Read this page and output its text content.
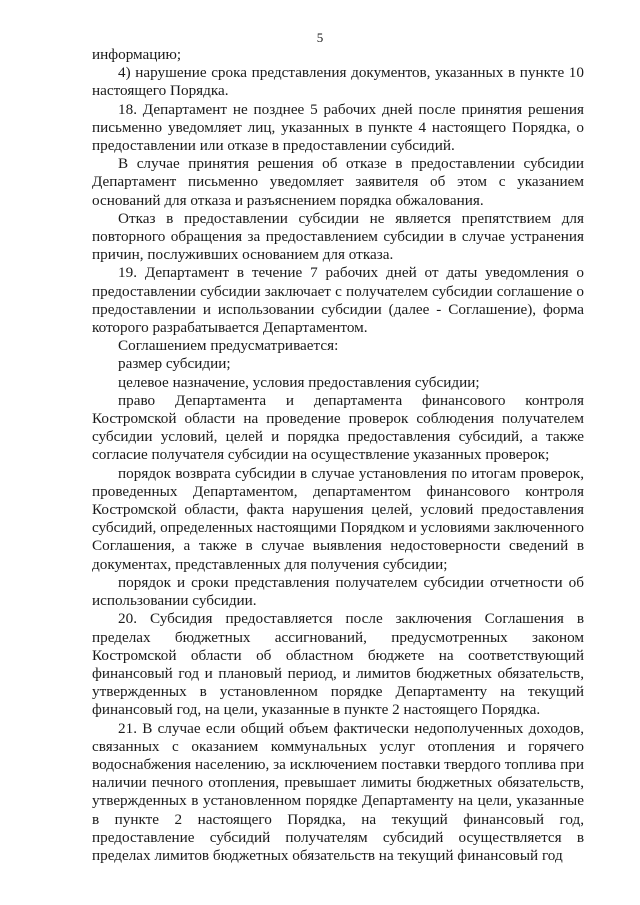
5

информацию;

4) нарушение срока представления документов, указанных в пункте 10 настоящего Порядка.

18. Департамент не позднее 5 рабочих дней после принятия решения письменно уведомляет лиц, указанных в пункте 4 настоящего Порядка, о предоставлении или отказе в предоставлении субсидий.

В случае принятия решения об отказе в предоставлении субсидии Департамент письменно уведомляет заявителя об этом с указанием оснований для отказа и разъяснением порядка обжалования.

Отказ в предоставлении субсидии не является препятствием для повторного обращения за предоставлением субсидии в случае устранения причин, послуживших основанием для отказа.

19. Департамент в течение 7 рабочих дней от даты уведомления о предоставлении субсидии заключает с получателем субсидии соглашение о предоставлении и использовании субсидии (далее - Соглашение), форма которого разрабатывается Департаментом.

Соглашением предусматривается:

размер субсидии;

целевое назначение, условия предоставления субсидии;

право Департамента и департамента финансового контроля Костромской области на проведение проверок соблюдения получателем субсидии условий, целей и порядка предоставления субсидий, а также согласие получателя субсидии на осуществление указанных проверок;

порядок возврата субсидии в случае установления по итогам проверок, проведенных Департаментом, департаментом финансового контроля Костромской области, факта нарушения целей, условий предоставления субсидий, определенных настоящими Порядком и условиями заключенного Соглашения, а также в случае выявления недостоверности сведений в документах, представленных для получения субсидии;

порядок и сроки представления получателем субсидии отчетности об использовании субсидии.

20. Субсидия предоставляется после заключения Соглашения в пределах бюджетных ассигнований, предусмотренных законом Костромской области об областном бюджете на соответствующий финансовый год и плановый период, и лимитов бюджетных обязательств, утвержденных в установленном порядке Департаменту на текущий финансовый год, на цели, указанные в пункте 2 настоящего Порядка.

21. В случае если общий объем фактически недополученных доходов, связанных с оказанием коммунальных услуг отопления и горячего водоснабжения населению, за исключением поставки твердого топлива при наличии печного отопления, превышает лимиты бюджетных обязательств, утвержденных в установленном порядке Департаменту на цели, указанные в пункте 2 настоящего Порядка, на текущий финансовый год, предоставление субсидий получателям субсидий осуществляется в пределах лимитов бюджетных обязательств на текущий финансовый год
